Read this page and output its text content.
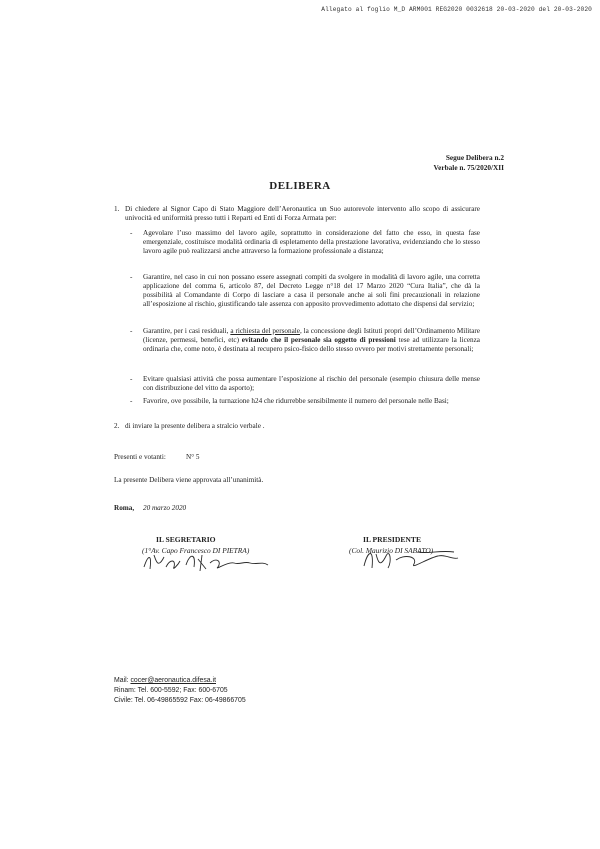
Allegato al foglio M_D ARM001 REG2020 0032618 20-03-2020 del 20-03-2020
Segue Delibera n.2
Verbale n. 75/2020/XII
DELIBERA
1. Di chiedere al Signor Capo di Stato Maggiore dell’Aeronautica un Suo autorevole intervento allo scopo di assicurare univocità ed uniformità presso tutti i Reparti ed Enti di Forza Armata per:
- Agevolare l’uso massimo del lavoro agile, soprattutto in considerazione del fatto che esso, in questa fase emergenziale, costituisce modalità ordinaria di espletamento della prestazione lavorativa, evidenziando che lo stesso lavoro agile può realizzarsi anche attraverso la formazione professionale a distanza;
- Garantire, nel caso in cui non possano essere assegnati compiti da svolgere in modalità di lavoro agile, una corretta applicazione del comma 6, articolo 87, del Decreto Legge n°18 del 17 Marzo 2020 “Cura Italia”, che dà la possibilità al Comandante di Corpo di lasciare a casa il personale anche ai soli fini precauzionali in relazione all’esposizione al rischio, giustificando tale assenza con apposito provvedimento adottato che dispensi dal servizio;
- Garantire, per i casi residuali, a richiesta del personale, la concessione degli Istituti propri dell’Ordinamento Militare (licenze, permessi, benefici, etc) evitando che il personale sia oggetto di pressioni tese ad utilizzare la licenza ordinaria che, come noto, è destinata al recupero psico-fisico dello stesso ovvero per motivi strettamente personali;
- Evitare qualsiasi attività che possa aumentare l’esposizione al rischio del personale (esempio chiusura delle mense con distribuzione del vitto da asporto);
- Favorire, ove possibile, la turnazione h24 che ridurrebbe sensibilmente il numero del personale nelle Basi;
2. di inviare la presente delibera a stralcio verbale .
Presenti e votanti:	N° 5
La presente Delibera viene approvata all’unanimità.
Roma, 20 marzo 2020
IL SEGRETARIO
(1°Av. Capo Francesco DI PIETRA)
IL PRESIDENTE
(Col. Maurizio DI SABATO)
Mail: cocer@aeronautica.difesa.it
Rinam: Tel. 600-5592; Fax: 600-6705
Civile: Tel. 06-49865592 Fax: 06-49866705
